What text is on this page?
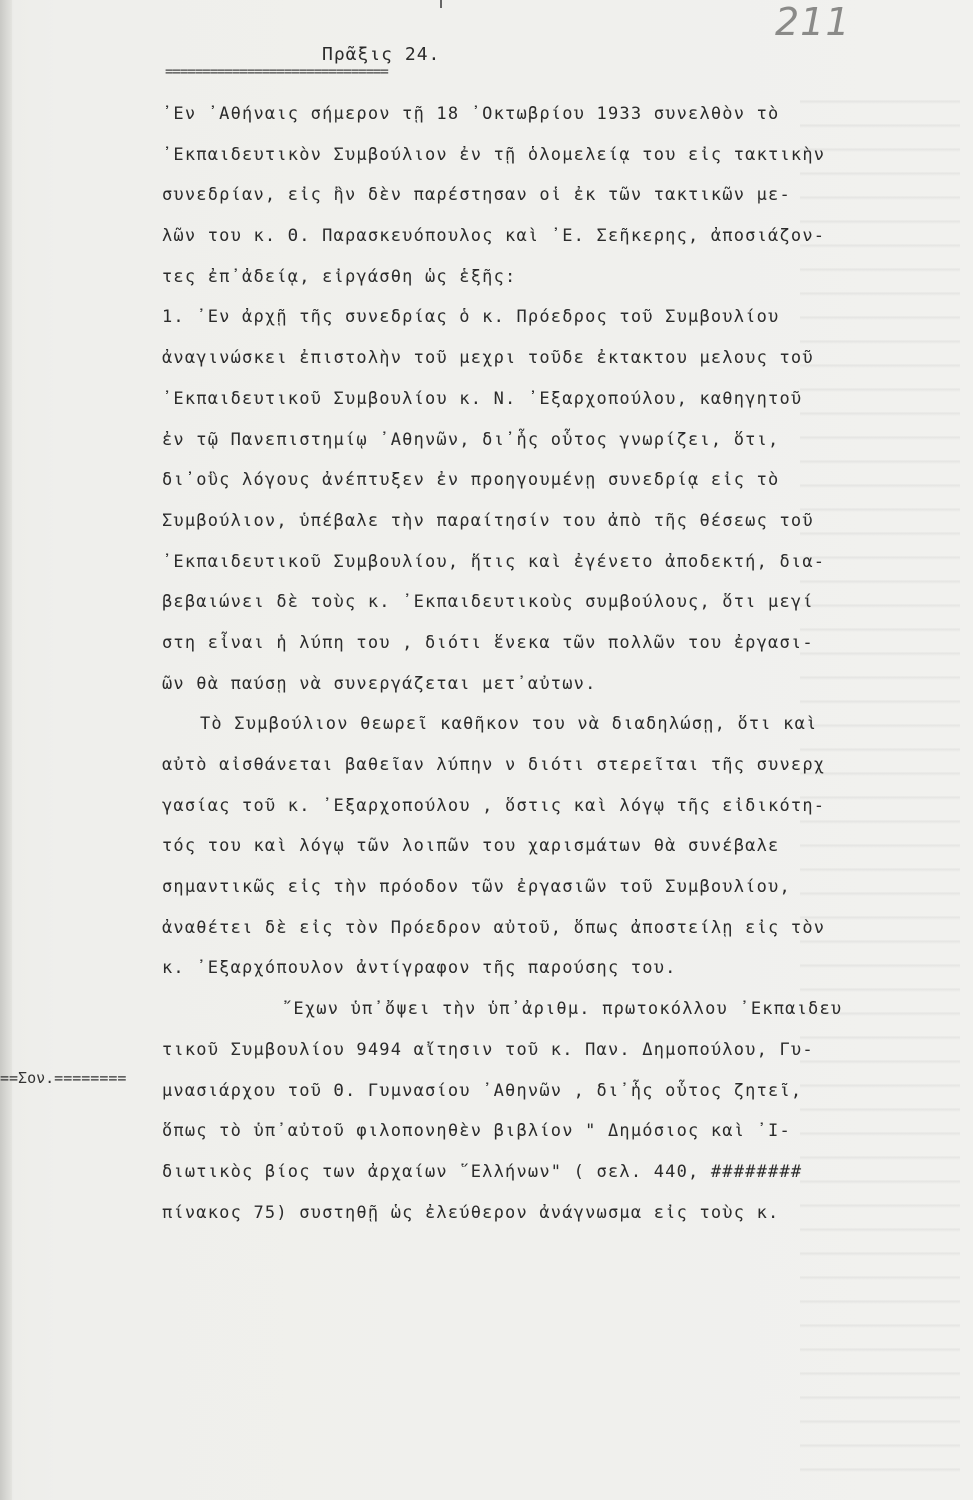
211
Πρᾶξις 24.
==============================
==Σον.========
᾿Εν ᾿Αθήναις σήμερον τῇ 18 ᾿Οκτωβρίου 1933 συνελθὸν τὸ
᾿Εκπαιδευτικὸν Συμβούλιον ἐν τῇ ὁλομελείᾳ του εἰς τακτικὴν
συνεδρίαν, εἰς ἣν δὲν παρέστησαν οἱ ἐκ τῶν τακτικῶν με-
λῶν του κ. Θ. Παρασκευόπουλος καὶ ᾿Ε. Σεῆκερης, ἀποσιάζον-
τες ἐπ᾿ἀδείᾳ, εἰργάσθη ὡς ἑξῆς:
1. ᾿Εν ἀρχῇ τῆς συνεδρίας ὁ κ. Πρόεδρος τοῦ Συμβουλίου
ἀναγινώσκει ἐπιστολὴν τοῦ μεχρι τοῦδε ἐκτακτου μελους τοῦ
᾿Εκπαιδευτικοῦ Συμβουλίου κ. Ν. ᾿Εξαρχοπούλου, καθηγητοῦ
ἐν τῷ Πανεπιστημίῳ ᾿Αθηνῶν, δι᾿ἧς οὗτος γνωρίζει, ὅτι,
δι᾿οὓς λόγους ἀνέπτυξεν ἐν προηγουμένῃ συνεδρίᾳ εἰς τὸ
Συμβούλιον, ὑπέβαλε τὴν παραίτησίν του ἀπὸ τῆς θέσεως τοῦ
᾿Εκπαιδευτικοῦ Συμβουλίου, ἥτις καὶ ἐγένετο ἀποδεκτή, δια-
βεβαιώνει δὲ τοὺς κ. ᾿Εκπαιδευτικοὺς συμβούλους, ὅτι μεγί
στη εἶναι ἡ λύπη του , διότι ἕνεκα τῶν πολλῶν του ἐργασι-
ῶν θὰ παύσῃ νὰ συνεργάζεται μετ᾿αὐτων.
Τὸ Συμβούλιον θεωρεῖ καθῆκον του νὰ διαδηλώσῃ, ὅτι καὶ
αὐτὸ αἰσθάνεται βαθεῖαν λύπην ν διότι στερεῖται τῆς συνερχ
γασίας τοῦ κ. ᾿Εξαρχοπούλου , ὅστις καὶ λόγῳ τῆς εἰδικότη-
τός του καὶ λόγῳ τῶν λοιπῶν του χαρισμάτων θὰ συνέβαλε
σημαντικῶς εἰς τὴν πρόοδον τῶν ἐργασιῶν τοῦ Συμβουλίου,
ἀναθέτει δὲ εἰς τὸν Πρόεδρον αὐτοῦ, ὅπως ἀποστείλῃ εἰς τὸν
κ. ᾿Εξαρχόπουλον ἀντίγραφον τῆς παρούσης του.
῎Εχων ὑπ᾿ὄψει τὴν ὑπ᾿ἀριθμ. πρωτοκόλλου ᾿Εκπαιδευ
τικοῦ Συμβουλίου 9494 αἴτησιν τοῦ κ. Παν. Δημοπούλου, Γυ-
μνασιάρχου τοῦ Θ. Γυμνασίου ᾿Αθηνῶν , δι᾿ἧς οὗτος ζητεῖ,
ὅπως τὸ ὑπ᾿αὐτοῦ φιλοπονηθὲν βιβλίον " Δημόσιος καὶ ᾿Ι-
διωτικὸς βίος των ἀρχαίων ῞Ελλήνων" ( σελ. 440, ########
πίνακος 75) συστηθῇ ὡς ἐλεύθερον ἀνάγνωσμα εἰς τοὺς κ.
